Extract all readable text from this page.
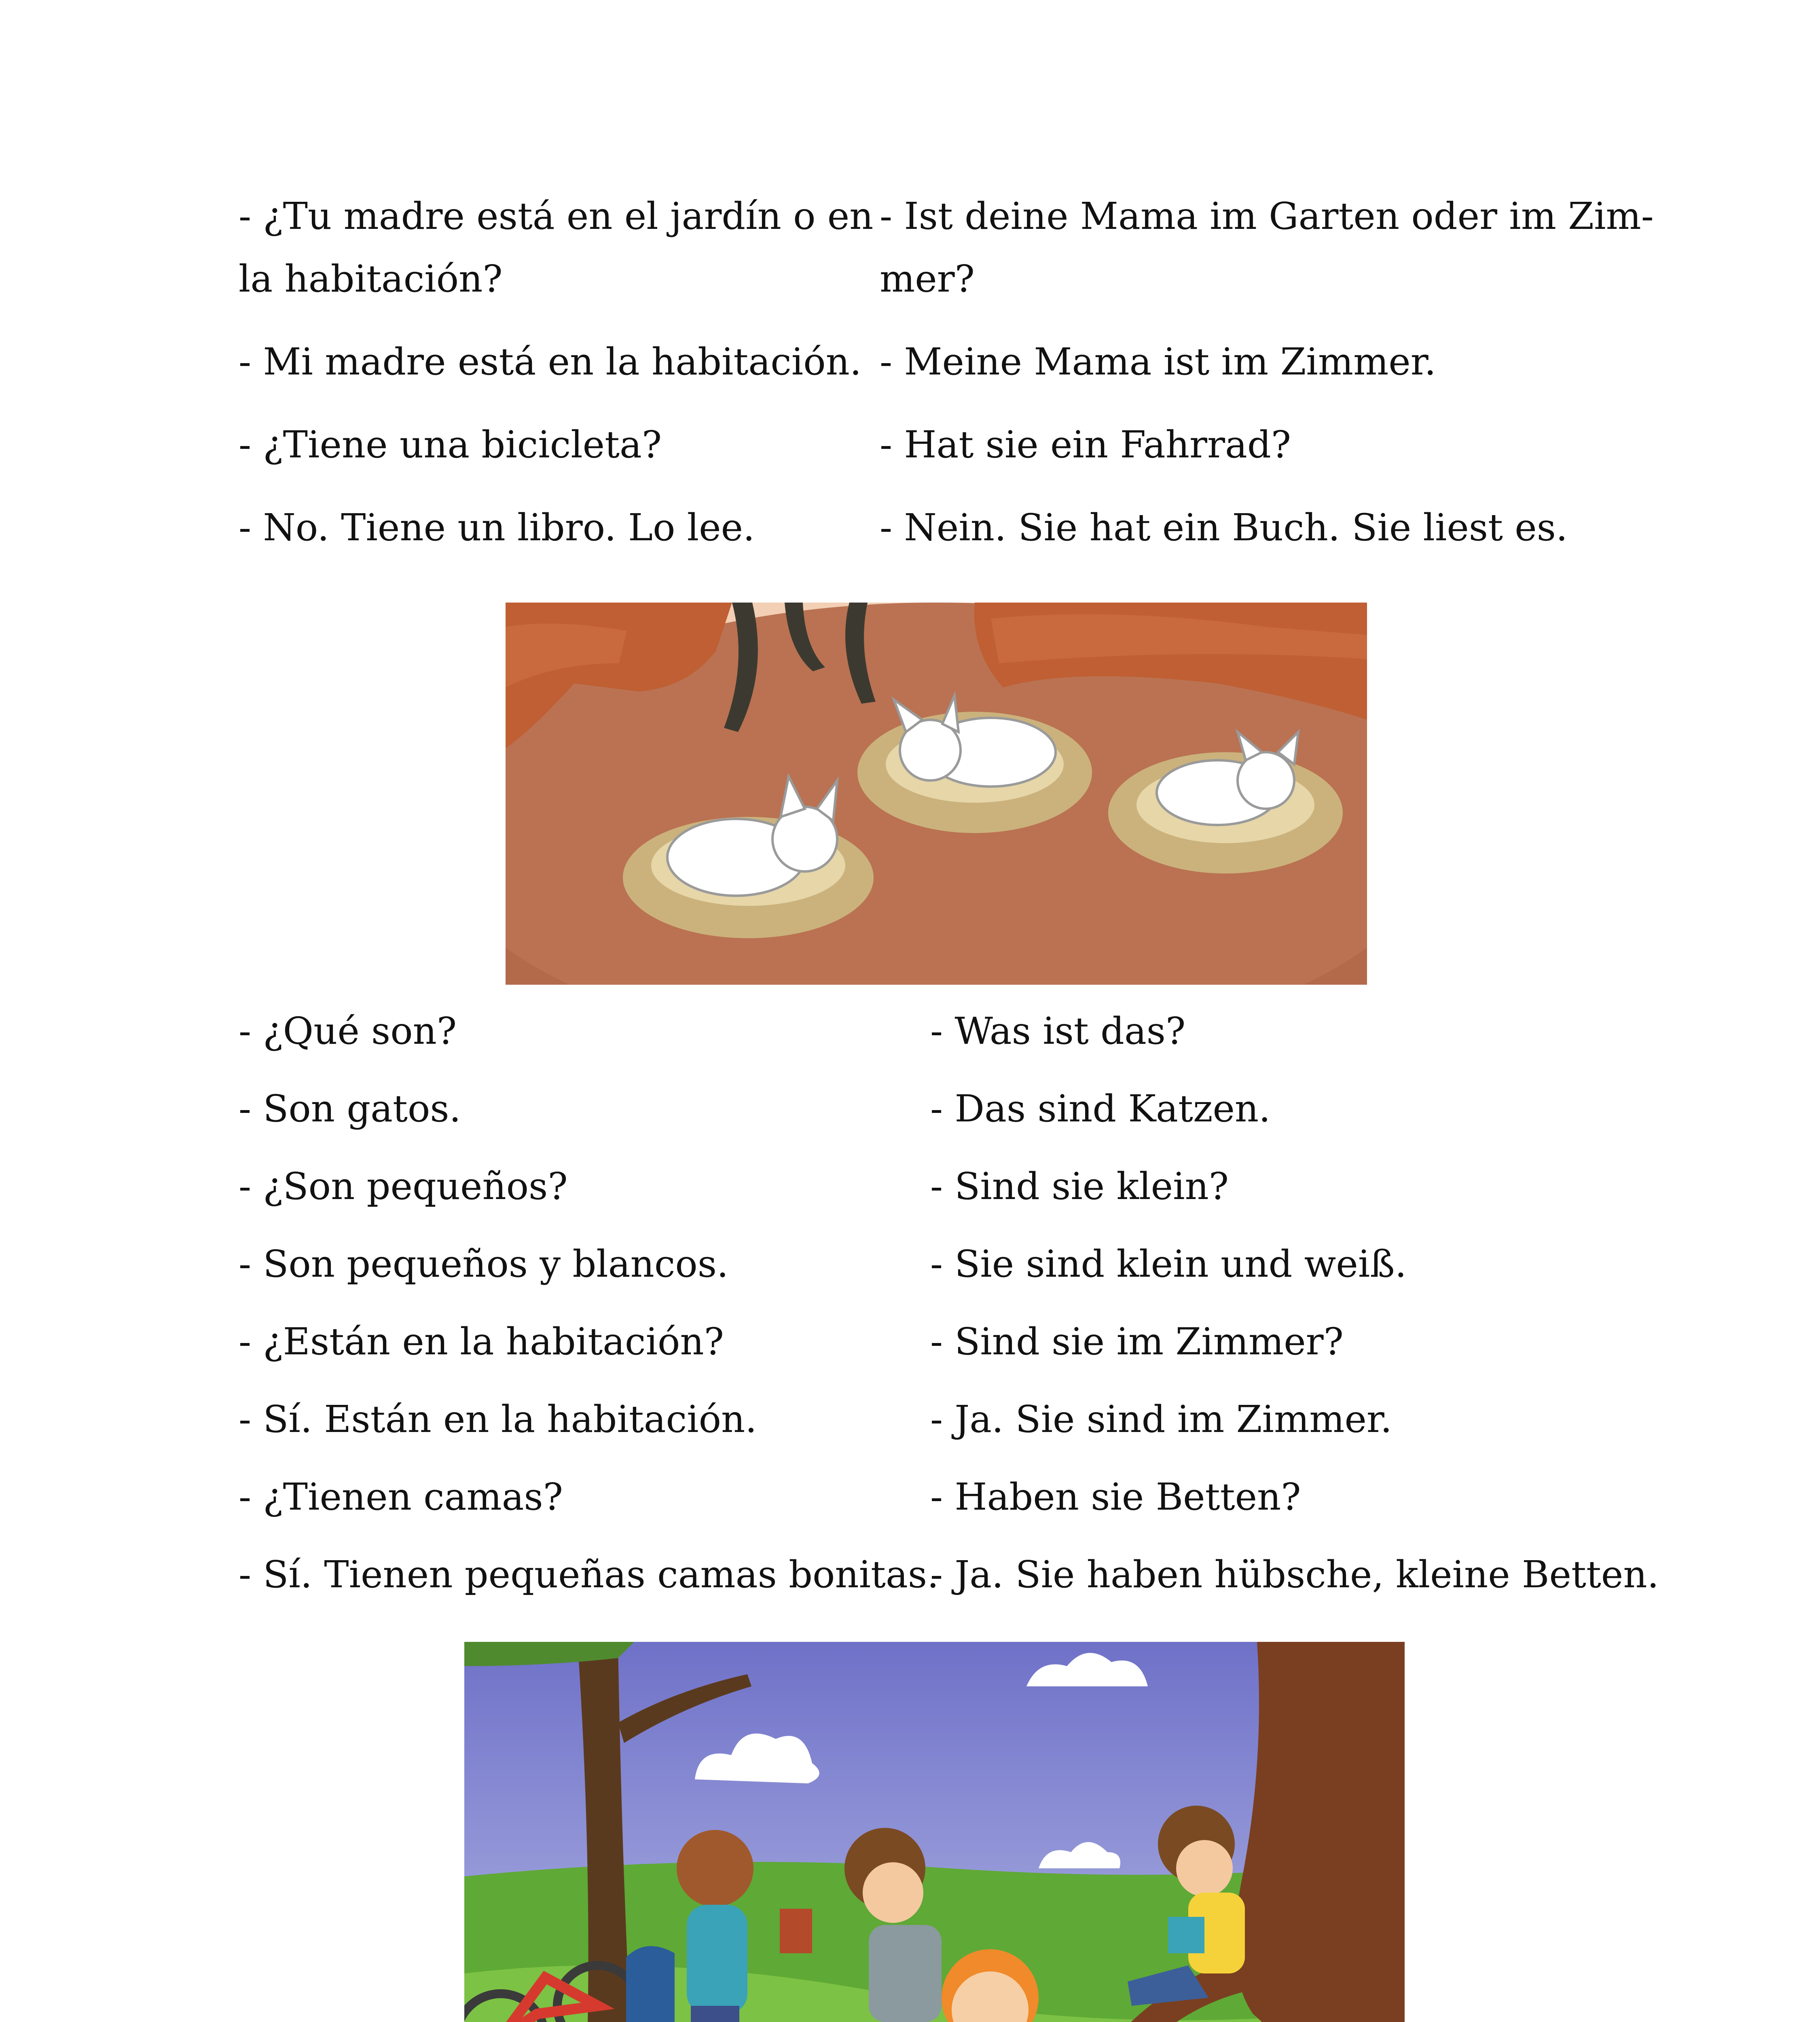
- ¿Tu madre está en el jardín o en
la habitación?
- Mi madre está en la habitación.
- ¿Tiene una bicicleta?
- No. Tiene un libro. Lo lee.
- Ist deine Mama im Garten oder im Zim-
mer?
- Meine Mama ist im Zimmer.
- Hat sie ein Fahrrad?
- Nein. Sie hat ein Buch. Sie liest es.
- ¿Qué son?
- Son gatos.
- ¿Son pequeños?
- Son pequeños y blancos.
- ¿Están en la habitación?
- Sí. Están en la habitación.
- ¿Tienen camas?
- Sí. Tienen pequeñas camas bonitas.
- Was ist das?
- Das sind Katzen.
- Sind sie klein?
- Sie sind klein und weiß.
- Sind sie im Zimmer?
- Ja. Sie sind im Zimmer.
- Haben sie Betten?
- Ja. Sie haben hübsche, kleine Betten.
